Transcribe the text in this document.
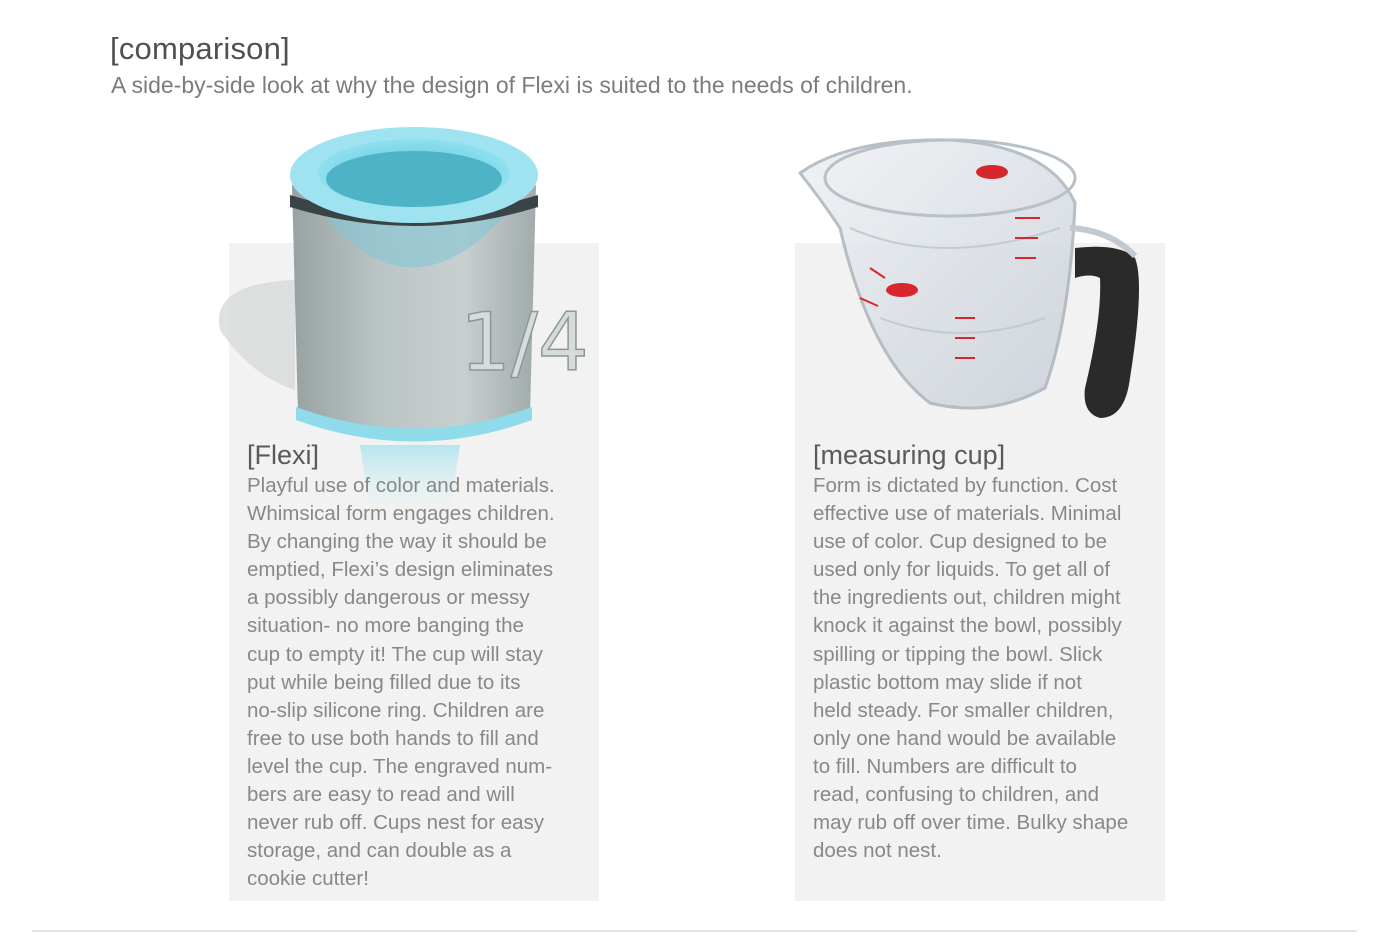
[comparison]
A side-by-side look at why the design of Flexi is suited to the needs of children.
1/4
[Flexi]
Playful use of color and materials.
Whimsical form engages children.
By changing the way it should be
emptied, Flexi’s design eliminates
a possibly dangerous or messy
situation- no more banging the
cup to empty it! The cup will stay
put while being filled due to its
no-slip silicone ring. Children are
free to use both hands to fill and
level the cup. The engraved num-
bers are easy to read and will
never rub off. Cups nest for easy
storage, and can double as a
cookie cutter!
[measuring cup]
Form is dictated by function. Cost
effective use of materials. Minimal
use of color. Cup designed to be
used only for liquids. To get all of
the ingredients out, children might
knock it against the bowl, possibly
spilling or tipping the bowl. Slick
plastic bottom may slide if not
held steady. For smaller children,
only one hand would be available
to fill. Numbers are difficult to
read, confusing to children, and
may rub off over time. Bulky shape
does not nest.
